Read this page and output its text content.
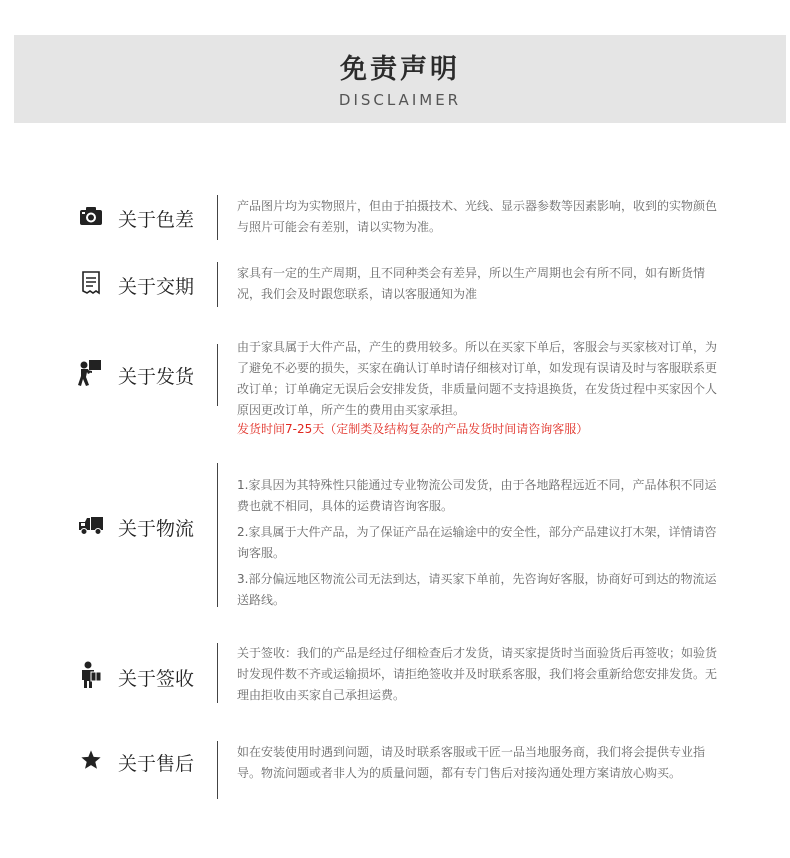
免责声明
DISCLAIMER
关于色差

产品图片均为实物照片，但由于拍摄技术、光线、显示器参数等因素影响，收到的实物颜色与照片可能会有差别，请以实物为准。

关于交期

家具有一定的生产周期，且不同种类会有差异，所以生产周期也会有所不同，如有断货情况，我们会及时跟您联系，请以客服通知为准

关于发货

由于家具属于大件产品，产生的费用较多。所以在买家下单后，客服会与买家核对订单，为了避免不必要的损失，买家在确认订单时请仔细核对订单，如发现有误请及时与客服联系更改订单；订单确定无误后会安排发货，非质量问题不支持退换货，在发货过程中买家因个人原因更改订单，所产生的费用由买家承担。

发货时间7-25天（定制类及结构复杂的产品发货时间请咨询客服）

关于物流

1.家具因为其特殊性只能通过专业物流公司发货，由于各地路程远近不同，产品体积不同运费也就不相同，具体的运费请咨询客服。

2.家具属于大件产品，为了保证产品在运输途中的安全性，部分产品建议打木架，详情请咨询客服。

3.部分偏远地区物流公司无法到达，请买家下单前，先咨询好客服，协商好可到达的物流运送路线。

关于签收

关于签收：我们的产品是经过仔细检查后才发货，请买家提货时当面验货后再签收；如验货时发现件数不齐或运输损坏，请拒绝签收并及时联系客服，我们将会重新给您安排发货。无理由拒收由买家自己承担运费。

关于售后

如在安装使用时遇到问题，请及时联系客服或干匠一品当地服务商，我们将会提供专业指导。物流问题或者非人为的质量问题，都有专门售后对接沟通处理方案请放心购买。
